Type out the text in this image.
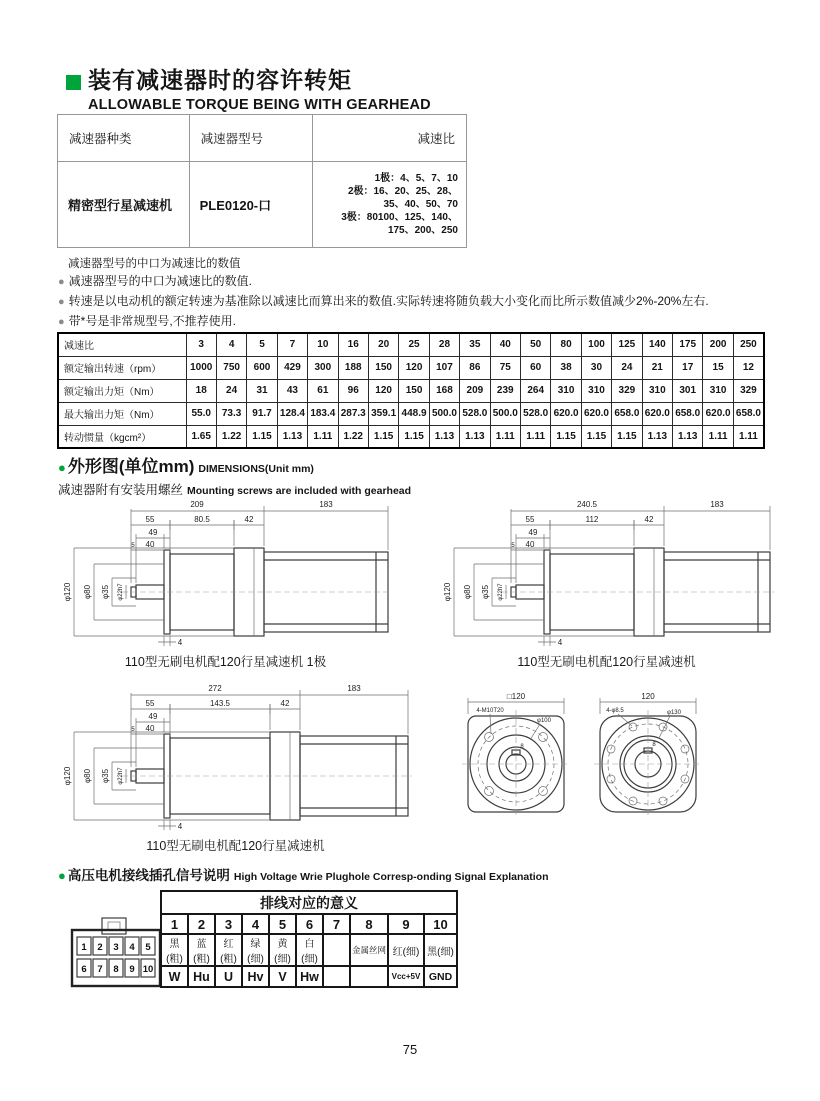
装有减速器时的容许转矩
ALLOWABLE TORQUE BEING WITH GEARHEAD
减速器种类	减速器型号	减速比
精密型行星减速机	PLE0120-口	1极：4、5、7、10
2极：16、20、25、28、
35、40、50、70
3极：80100、125、140、
175、200、250
减速器型号的中口为减速比的数值
● 减速器型号的中口为减速比的数值.
● 转速是以电动机的额定转速为基准除以减速比而算出来的数值.实际转速将随负载大小变化而比所示数值减少2%-20%左右.
● 带*号是非常规型号,不推荐使用.
减速比	3	4	5	7	10	16	20	25	28	35	40	50	80	100	125	140	175	200	250
额定输出转速（rpm）	1000	750	600	429	300	188	150	120	107	86	75	60	38	30	24	21	17	15	12
额定输出力矩（Nm）	18	24	31	43	61	96	120	150	168	209	239	264	310	310	329	310	301	310	329
最大输出力矩（Nm）	55.0	73.3	91.7	128.4	183.4	287.3	359.1	448.9	500.0	528.0	500.0	528.0	620.0	620.0	658.0	620.0	658.0	620.0	658.0
转动惯量（kgcm²）	1.65	1.22	1.15	1.13	1.11	1.22	1.15	1.15	1.13	1.13	1.11	1.11	1.15	1.15	1.15	1.13	1.13	1.11	1.11
● 外形图(单位mm) DIMENSIONS(Unit mm)
减速器附有安装用螺丝 Mounting screws are included with gearhead
209	183
55	80.5	42
49
5 40
φ120 φ80 φ35 φ22h7
4
110型无刷电机配120行星减速机 1极
240.5	183
55	112	42
49
5 40
φ120 φ80 φ35 φ22h7
4
110型无刷电机配120行星减速机
272	183
55	143.5	42
49
5 40
φ120 φ80 φ35 φ22h7
4
110型无刷电机配120行星减速机
□120
4-M10T20
φ100
8
120
4-φ8.5	φ130
8
● 高压电机接线插孔信号说明 High Voltage Wrie Plughole Corresp-onding Signal Explanation
1 2 3 4 5
6 7 8 9 10
排线对应的意义									
1	2	3	4	5	6	7	8	9	10
黑(粗)	蓝(粗)	红(粗)	绿(细)	黄(细)	白(细)		金属丝网	红(细)	黑(细)
W	Hu	U	Hv	V	Hw			Vcc+5V	GND
75
